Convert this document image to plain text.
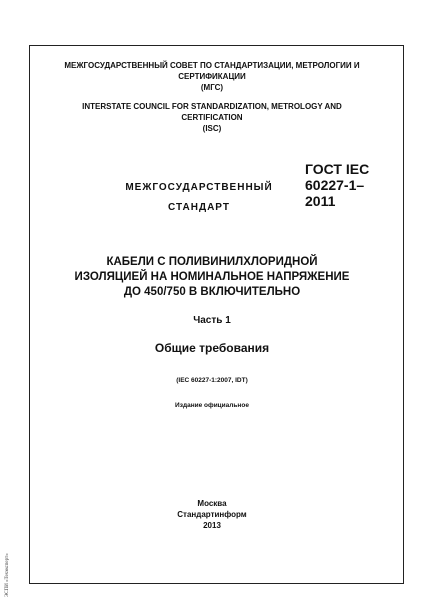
МЕЖГОСУДАРСТВЕННЫЙ СОВЕТ ПО СТАНДАРТИЗАЦИИ, МЕТРОЛОГИИ И
СЕРТИФИКАЦИИ
(МГС)
INTERSTATE COUNCIL FOR STANDARDIZATION, METROLOGY AND
CERTIFICATION
(ISC)
МЕЖГОСУДАРСТВЕННЫЙ
СТАНДАРТ
ГОСТ IEC
60227-1–
2011
КАБЕЛИ С ПОЛИВИНИЛХЛОРИДНОЙ
ИЗОЛЯЦИЕЙ НА НОМИНАЛЬНОЕ НАПРЯЖЕНИЕ
ДО 450/750 В ВКЛЮЧИТЕЛЬНО
Часть 1
Общие требования
(IEC 60227-1:2007, IDT)
Издание официальное
Москва
Стандартинформ
2013
ЭСПИ «Техэксперт»
